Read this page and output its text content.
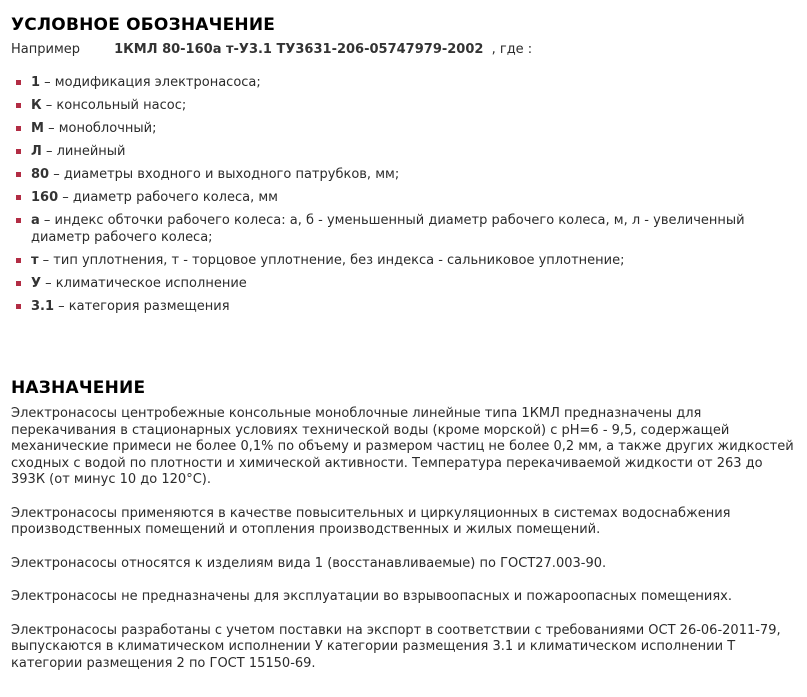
УСЛОВНОЕ ОБОЗНАЧЕНИЕ
Например	1КМЛ 80-160а т-У3.1 ТУ3631-206-05747979-2002 , где :
1 – модификация электронасоса;
К – консольный насос;
М – моноблочный;
Л – линейный
80 – диаметры входного и выходного патрубков, мм;
160 – диаметр рабочего колеса, мм
а – индекс обточки рабочего колеса: а, б - уменьшенный диаметр рабочего колеса, м, л - увеличенный диаметр рабочего колеса;
т – тип уплотнения, т - торцовое уплотнение, без индекса - сальниковое уплотнение;
У – климатическое исполнение
3.1 – категория размещения
НАЗНАЧЕНИЕ

Электронасосы центробежные консольные моноблочные линейные типа 1КМЛ предназначены для перекачивания в стационарных условиях технической воды (кроме морской) с pH=6 - 9,5, содержащей механические примеси не более 0,1% по объему и размером частиц не более 0,2 мм, а также других жидкостей сходных с водой по плотности и химической активности. Температура перекачиваемой жидкости от 263 до 393К (от минус 10 до 120°С).

Электронасосы применяются в качестве повысительных и циркуляционных в системах водоснабжения производственных помещений и отопления производственных и жилых помещений.

Электронасосы относятся к изделиям вида 1 (восстанавливаемые) по ГОСТ27.003-90.

Электронасосы не предназначены для эксплуатации во взрывоопасных и пожароопасных помещениях.

Электронасосы разработаны с учетом поставки на экспорт в соответствии с требованиями ОСТ 26-06-2011-79, выпускаются в климатическом исполнении У категории размещения 3.1 и климатическом исполнении Т категории размещения 2 по ГОСТ 15150-69.
